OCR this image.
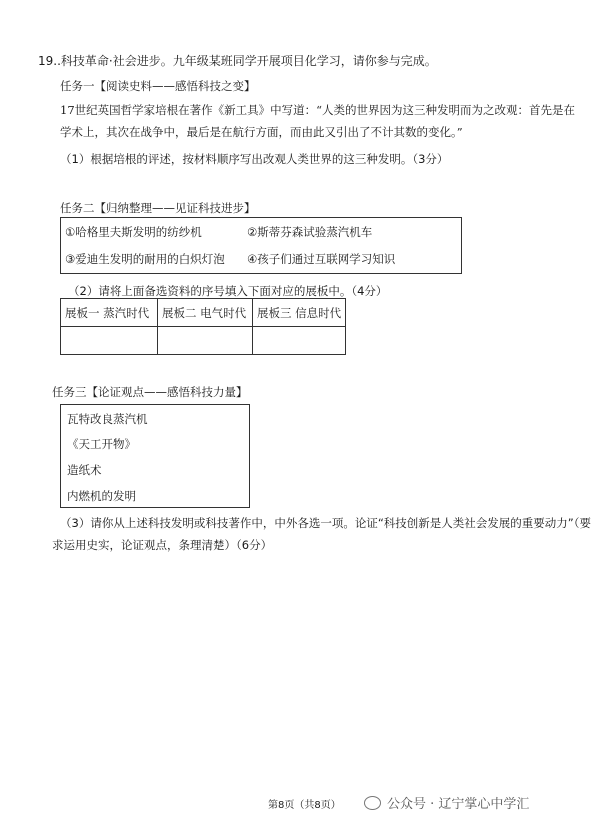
19..科技革命·社会进步。九年级某班同学开展项目化学习，请你参与完成。
任务一【阅读史料——感悟科技之变】
17世纪英国哲学家培根在著作《新工具》中写道：“人类的世界因为这三种发明而为之改观：首先是在
学术上，其次在战争中，最后是在航行方面，而由此又引出了不计其数的变化。”
（1）根据培根的评述，按材料顺序写出改观人类世界的这三种发明。（3分）
任务二【归纳整理——见证科技进步】
①哈格里夫斯发明的纺纱机	②斯蒂芬森试验蒸汽机车
③爱迪生发明的耐用的白炽灯泡 ④孩子们通过互联网学习知识
（2）请将上面备选资料的序号填入下面对应的展板中。（4分）
展板一 蒸汽时代	展板二 电气时代	展板三 信息时代

任务三【论证观点——感悟科技力量】
瓦特改良蒸汽机
《天工开物》
造纸术
内燃机的发明
（3）请你从上述科技发明或科技著作中，中外各选一项。论证“科技创新是人类社会发展的重要动力”（要
求运用史实，论证观点，条理清楚）（6分）
第8页（共8页）	公众号 · 辽宁掌心中学汇
